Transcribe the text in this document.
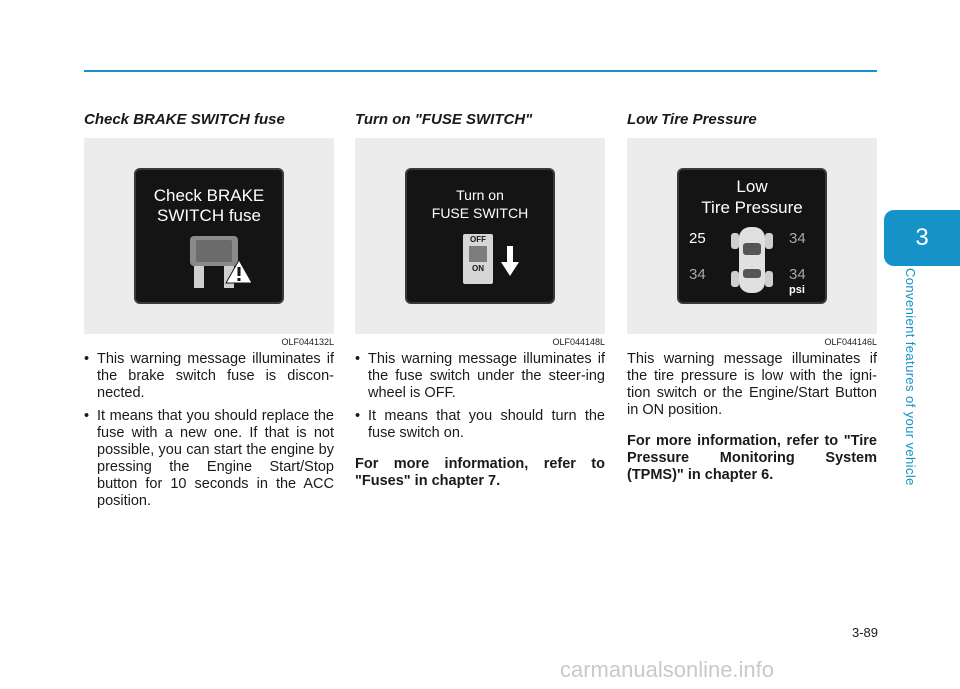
Check BRAKE SWITCH fuse
Check BRAKE
SWITCH fuse
OLF044132L
• This warning message illuminates if the brake switch fuse is discon-nected.
• It means that you should replace the fuse with a new one. If that is not possible, you can start the engine by pressing the Engine Start/Stop button for 10 seconds in the ACC position.
Turn on "FUSE SWITCH"
Turn on
FUSE SWITCH
OFF
ON
OLF044148L
• This warning message illuminates if the fuse switch under the steer-ing wheel is OFF.
• It means that you should turn the fuse switch on.

For more information, refer to "Fuses" in chapter 7.

Low Tire Pressure
Low
Tire Pressure
25	34
34	34
psi
OLF044146L

This warning message illuminates if the tire pressure is low with the igni-tion switch or the Engine/Start Button in ON position.

For more information, refer to "Tire Pressure Monitoring System (TPMS)" in chapter 6.

3
Convenient features of your vehicle
3-89
carmanualsonline.info
